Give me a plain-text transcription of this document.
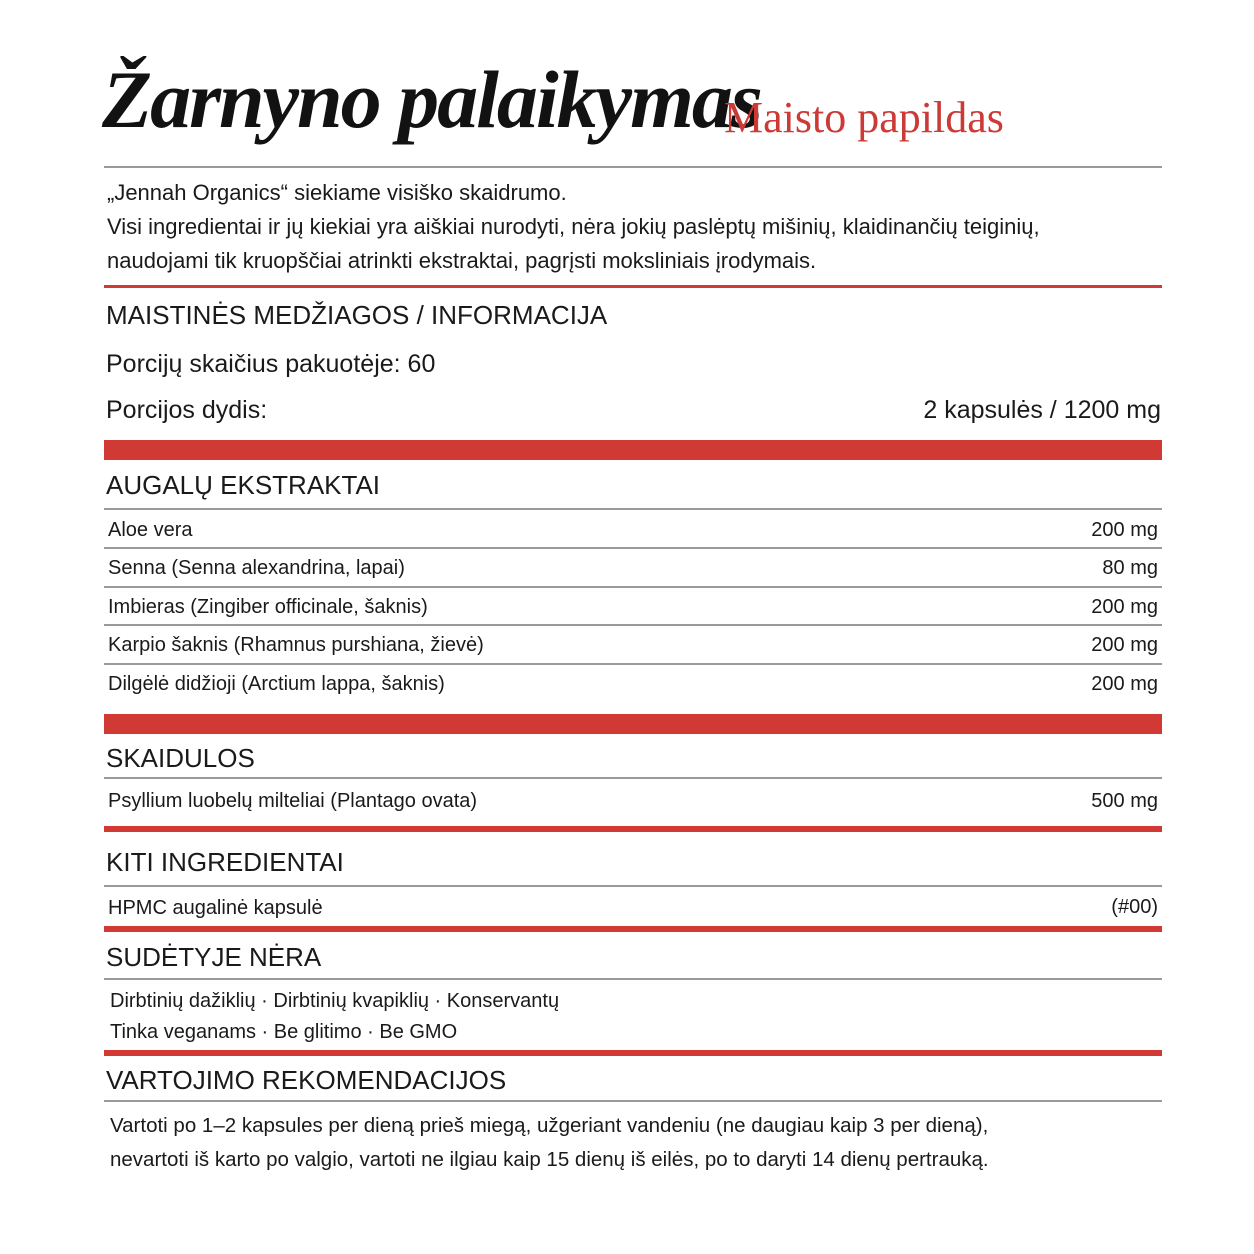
Žarnyno palaikymas
Maisto papildas
„Jennah Organics“ siekiame visiško skaidrumo.
Visi ingredientai ir jų kiekiai yra aiškiai nurodyti, nėra jokių paslėptų mišinių, klaidinančių teiginių,
naudojami tik kruopščiai atrinkti ekstraktai, pagrįsti moksliniais įrodymais.
MAISTINĖS MEDŽIAGOS / INFORMACIJA
Porcijų skaičius pakuotėje: 60
Porcijos dydis:	2 kapsulės / 1200 mg
AUGALŲ EKSTRAKTAI
Aloe vera	200 mg
Senna (Senna alexandrina, lapai)	80 mg
Imbieras (Zingiber officinale, šaknis)	200 mg
Karpio šaknis (Rhamnus purshiana, žievė)	200 mg
Dilgėlė didžioji (Arctium lappa, šaknis)	200 mg
SKAIDULOS
Psyllium luobelų milteliai (Plantago ovata)	500 mg
KITI INGREDIENTAI
HPMC augalinė kapsulė	(#00)
SUDĖTYJE NĖRA
Dirbtinių dažiklių · Dirbtinių kvapiklių · Konservantų
Tinka veganams · Be glitimo · Be GMO
VARTOJIMO REKOMENDACIJOS
Vartoti po 1–2 kapsules per dieną prieš miegą, užgeriant vandeniu (ne daugiau kaip 3 per dieną),
nevartoti iš karto po valgio, vartoti ne ilgiau kaip 15 dienų iš eilės, po to daryti 14 dienų pertrauką.
